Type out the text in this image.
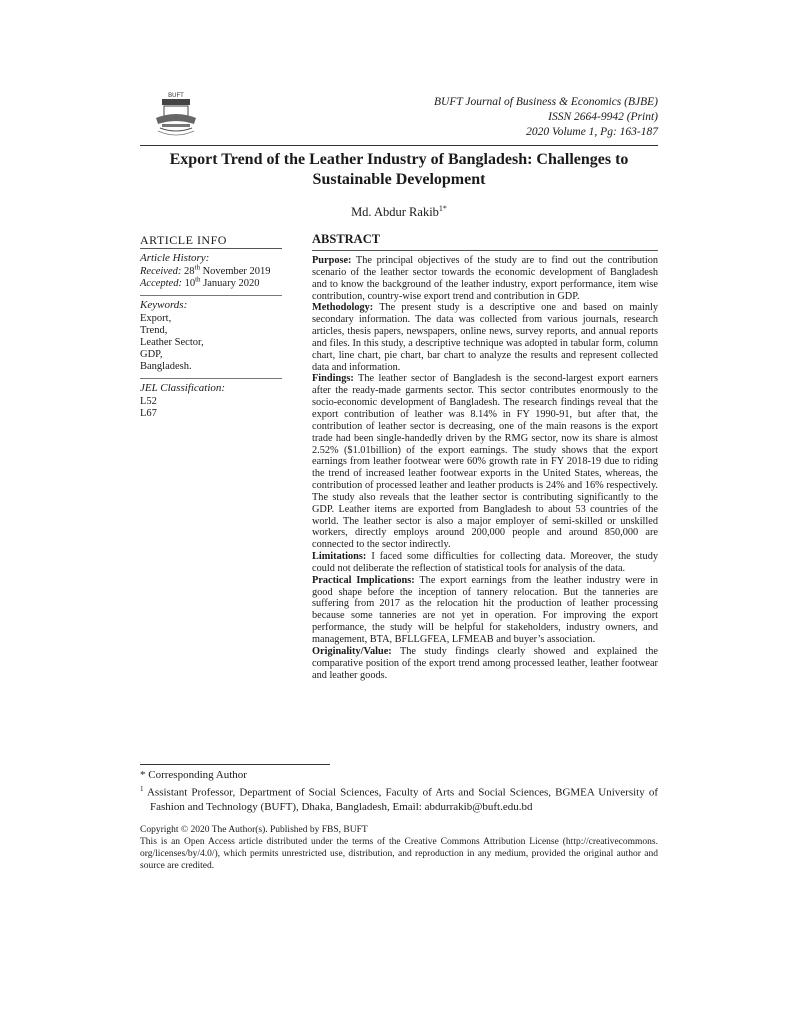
BUFT	BUFT Journal of Business & Economics (BJBE)
ISSN 2664-9942 (Print)
2020 Volume 1, Pg: 163-187
Export Trend of the Leather Industry of Bangladesh: Challenges to
Sustainable Development
Md. Abdur Rakib$^{1*}$
ARTICLE INFO
Article History:
Received: 28th November 2019
Accepted: 10th January 2020
Keywords:
Export,
Trend,
Leather Sector,
GDP,
Bangladesh.
JEL Classification:
L52
L67
ABSTRACT

Purpose: The principal objectives of the study are to find out the contribution scenario of the leather sector towards the economic development of Bangladesh and to know the background of the leather industry, export performance, item wise contribution, country-wise export trend and contribution in GDP.

Methodology: The present study is a descriptive one and based on mainly secondary information. The data was collected from various journals, research articles, thesis papers, newspapers, online news, survey reports, and annual reports and files. In this study, a descriptive technique was adopted in tabular form, column chart, line chart, pie chart, bar chart to analyze the results and represent collected data and information.

Findings: The leather sector of Bangladesh is the second-largest export earners after the ready-made garments sector. This sector contributes enormously to the socio-economic development of Bangladesh. The research findings reveal that the export contribution of leather was 8.14% in FY 1990-91, but after that, the contribution of leather sector is decreasing, one of the main reasons is the export trade had been single-handedly driven by the RMG sector, now its share is almost 2.52% ($1.01billion) of the export earnings. The study shows that the export earnings from leather footwear were 60% growth rate in FY 2018-19 due to riding the trend of increased leather footwear exports in the United States, whereas, the contribution of processed leather and leather products is 24% and 16% respectively. The study also reveals that the leather sector is contributing significantly to the GDP. Leather items are exported from Bangladesh to about 53 countries of the world. The leather sector is also a major employer of semi-skilled or unskilled workers, directly employs around 200,000 people and around 850,000 are connected to the sector indirectly.

Limitations: I faced some difficulties for collecting data. Moreover, the study could not deliberate the reflection of statistical tools for analysis of the data.

Practical Implications: The export earnings from the leather industry were in good shape before the inception of tannery relocation. But the tanneries are suffering from 2017 as the relocation hit the production of leather processing because some tanneries are not yet in operation. For improving the export performance, the study will be helpful for stakeholders, industry owners, and management, BTA, BFLLGFEA, LFMEAB and buyer’s association.

Originality/Value: The study findings clearly showed and explained the comparative position of the export trend among processed leather, leather footwear and leather goods.

* Corresponding Author
$^1$ Assistant Professor, Department of Social Sciences, Faculty of Arts and Social Sciences, BGMEA University of Fashion and Technology (BUFT), Dhaka, Bangladesh, Email: abdurrakib@buft.edu.bd
Copyright © 2020 The Author(s). Published by FBS, BUFT
This is an Open Access article distributed under the terms of the Creative Commons Attribution License (http://creativecommons. org/licenses/by/4.0/), which permits unrestricted use, distribution, and reproduction in any medium, provided the original author and source are credited.
